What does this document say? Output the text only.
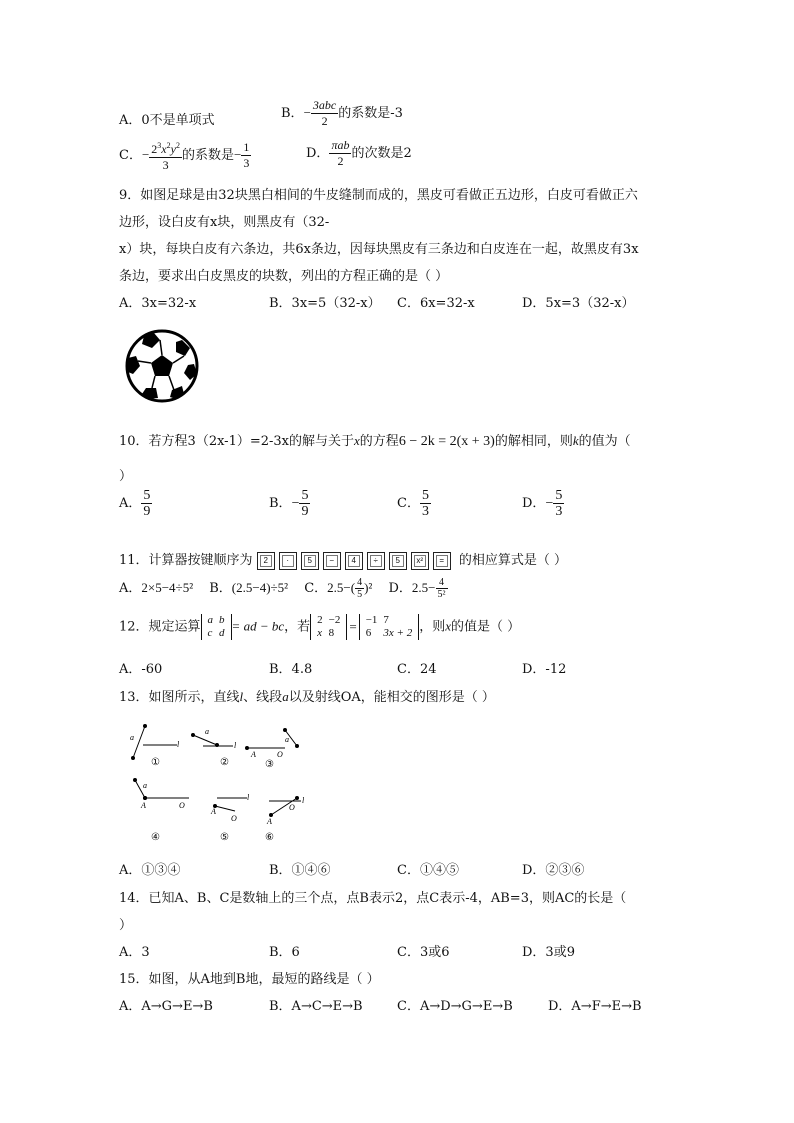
A．0不是单项式	B．− $\frac{\text{3abc}}{2}$ 的系数是-3
C．− $\frac{2^3x^2y^2}{3}$ 的系数是− $\frac{1}{3}$	D． $\frac{\text{πab}}{2}$ 的次数是2
9．如图足球是由32块黑白相间的牛皮缝制而成的，黑皮可看做正五边形，白皮可看做正六
边形，设白皮有x块，则黑皮有（32-
x）块，每块白皮有六条边，共6x条边，因每块黑皮有三条边和白皮连在一起，故黑皮有3x
条边，要求出白皮黑皮的块数，列出的方程正确的是（ ）
A．3x=32-x	B．3x=5（32-x） C．6x=32-x	D．5x=3（32-x）
10．若方程3（2x-1）=2-3x的解与关于x的方程6 − 2k = 2(x + 3)的解相同，则k的值为（
）
A． $\frac{5}{9}$	B．− $\frac{5}{9}$	C． $\frac{5}{3}$	D．− $\frac{5}{3}$
11．计算器按键顺序为 2 · 5 − 4 ÷ 5 x² = 的相应算式是（ ）
A．2×5−4÷5² B．(2.5−4)÷5² C．$2.5-( \frac{4}{5} )^2$ D．$2.5- \frac{4}{\text{5²}}$
12．规定运算 a	b
c	d = ad − bc，若 2	−2
x	8 = −1	7
6	3x + 2 ，则x的值是（ ）
A．-60	B．4.8	C．24	D．-12
13．如图所示，直线l、线段a以及射线OA，能相交的图形是（ ）
a
l
a
l
A	O
a
a
A	O
l
A
O
l
A
O
①	②	③
④	⑤	⑥
A．①③④	B．①④⑥	C．①④⑤	D．②③⑥
14．已知A、B、C是数轴上的三个点，点B表示2，点C表示-4，AB=3，则AC的长是（
）
A．3	B．6	C．3或6	D．3或9
15．如图，从A地到B地，最短的路线是（ ）
A．A→G→E→B	B．A→C→E→B	C．A→D→G→E→B	D．A→F→E→B
